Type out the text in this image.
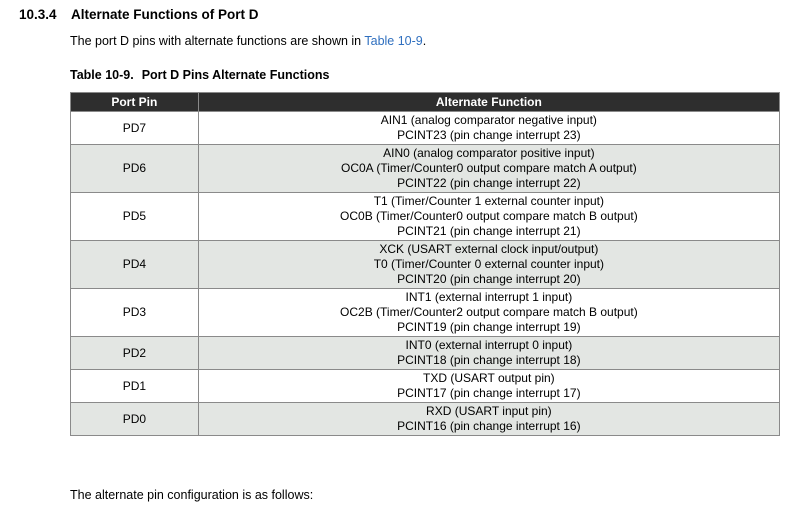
10.3.4 Alternate Functions of Port D
The port D pins with alternate functions are shown in Table 10-9.
Table 10-9. Port D Pins Alternate Functions
Port Pin	Alternate Function
PD7	AIN1 (analog comparator negative input)
PCINT23 (pin change interrupt 23)

PD6	AIN0 (analog comparator positive input)
OC0A (Timer/Counter0 output compare match A output)
PCINT22 (pin change interrupt 22)

PD5	T1 (Timer/Counter 1 external counter input)
OC0B (Timer/Counter0 output compare match B output)
PCINT21 (pin change interrupt 21)

PD4	XCK (USART external clock input/output)
T0 (Timer/Counter 0 external counter input)
PCINT20 (pin change interrupt 20)

PD3	INT1 (external interrupt 1 input)
OC2B (Timer/Counter2 output compare match B output)
PCINT19 (pin change interrupt 19)

PD2	INT0 (external interrupt 0 input)
PCINT18 (pin change interrupt 18)

PD1	TXD (USART output pin)
PCINT17 (pin change interrupt 17)

PD0	RXD (USART input pin)
PCINT16 (pin change interrupt 16)
The alternate pin configuration is as follows:
